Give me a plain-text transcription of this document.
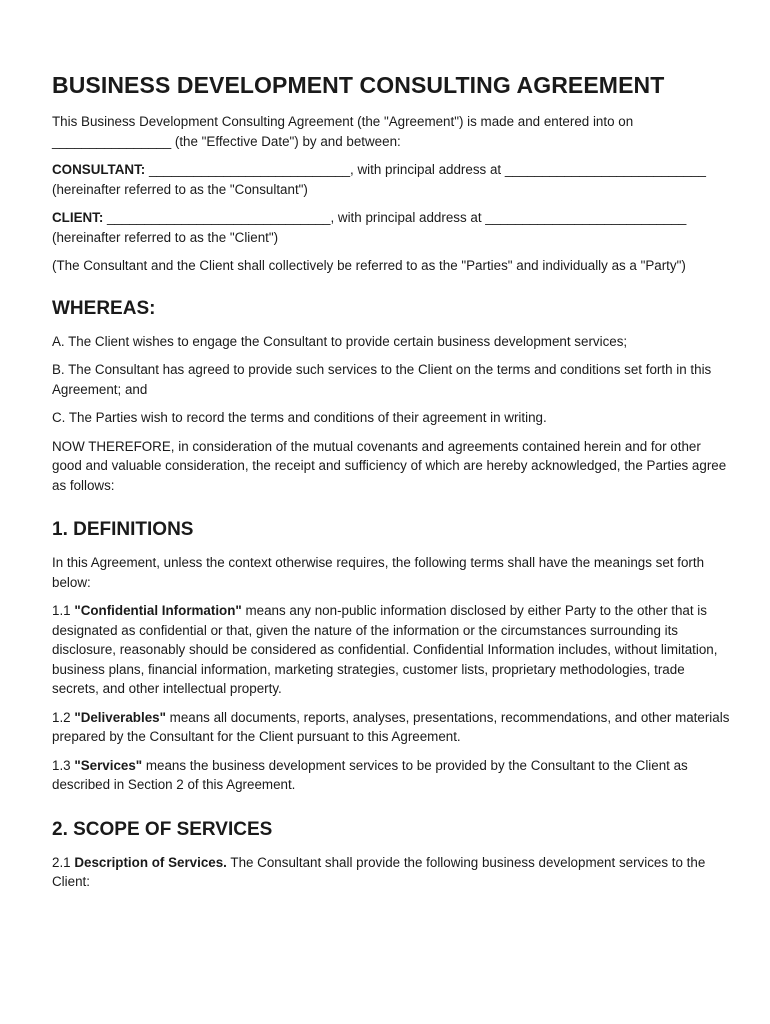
BUSINESS DEVELOPMENT CONSULTING AGREEMENT

This Business Development Consulting Agreement (the "Agreement") is made and entered into on ________________ (the "Effective Date") by and between:

CONSULTANT: ___________________________, with principal address at ___________________________ (hereinafter referred to as the "Consultant")

CLIENT: ______________________________, with principal address at ___________________________ (hereinafter referred to as the "Client")

(The Consultant and the Client shall collectively be referred to as the "Parties" and individually as a "Party")

WHEREAS:

A. The Client wishes to engage the Consultant to provide certain business development services;

B. The Consultant has agreed to provide such services to the Client on the terms and conditions set forth in this Agreement; and

C. The Parties wish to record the terms and conditions of their agreement in writing.

NOW THEREFORE, in consideration of the mutual covenants and agreements contained herein and for other good and valuable consideration, the receipt and sufficiency of which are hereby acknowledged, the Parties agree as follows:

1. DEFINITIONS

In this Agreement, unless the context otherwise requires, the following terms shall have the meanings set forth below:

1.1 "Confidential Information" means any non-public information disclosed by either Party to the other that is designated as confidential or that, given the nature of the information or the circumstances surrounding its disclosure, reasonably should be considered as confidential. Confidential Information includes, without limitation, business plans, financial information, marketing strategies, customer lists, proprietary methodologies, trade secrets, and other intellectual property.

1.2 "Deliverables" means all documents, reports, analyses, presentations, recommendations, and other materials prepared by the Consultant for the Client pursuant to this Agreement.

1.3 "Services" means the business development services to be provided by the Consultant to the Client as described in Section 2 of this Agreement.

2. SCOPE OF SERVICES

2.1 Description of Services. The Consultant shall provide the following business development services to the Client:
